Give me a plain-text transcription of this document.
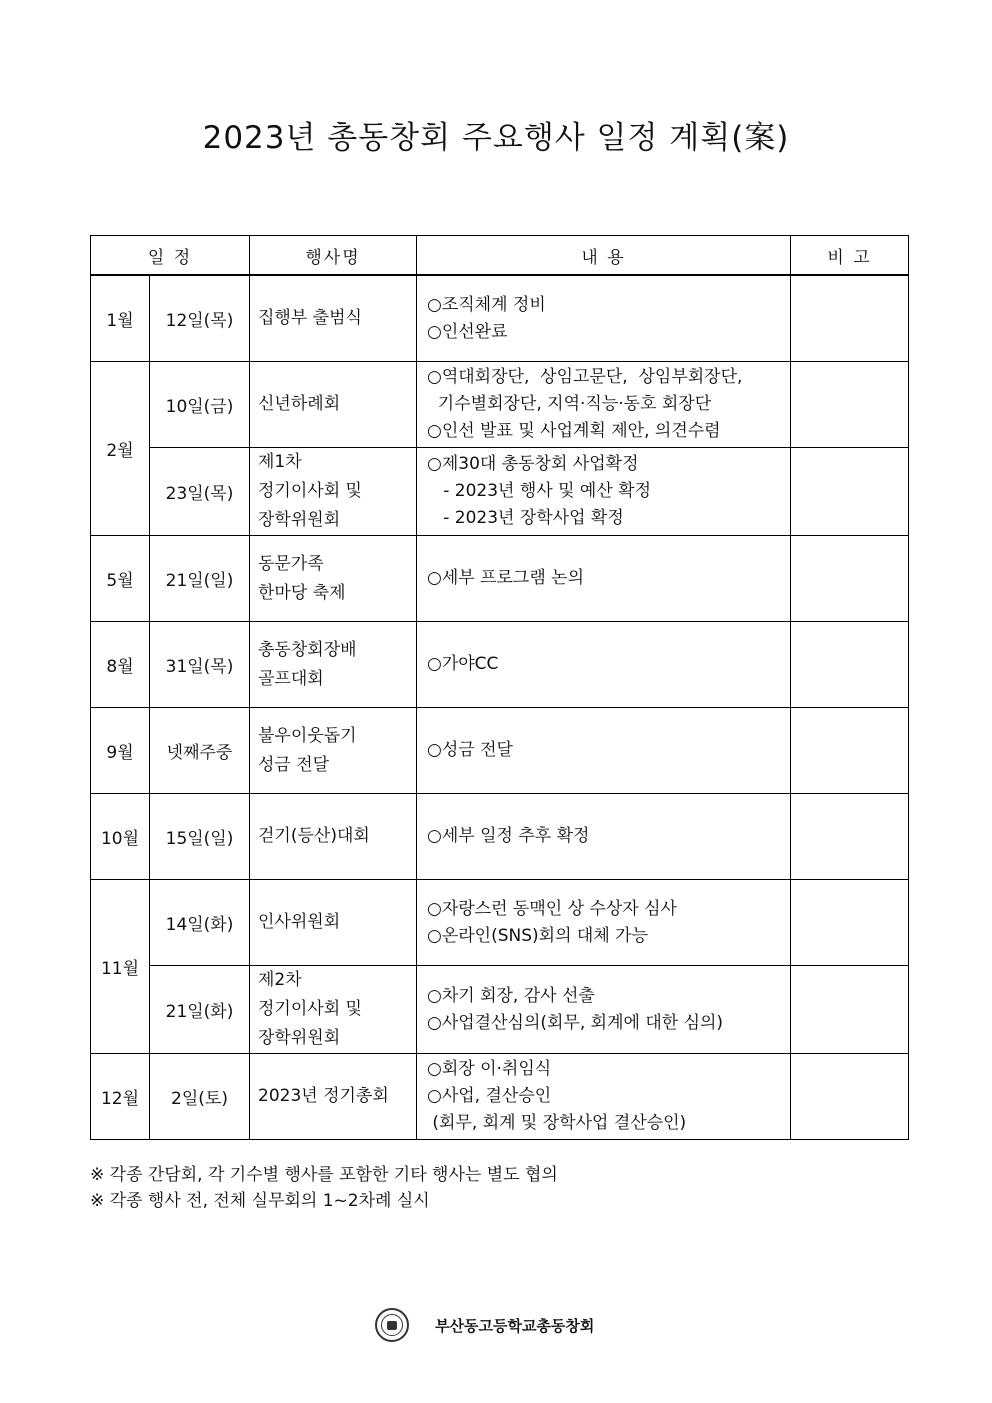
2023년 총동창회 주요행사 일정 계획(案)
일 정		행사명	내 용	비 고
1월	12일(목)	집행부 출범식	○조직체계 정비
○인선완료	

2월	10일(금)	신년하례회	○역대회장단,  상임고문단,  상임부회장단,
기수별회장단, 지역·직능·동호 회장단
○인선 발표 및 사업계획 제안, 의견수렴	

	23일(목)	제1차
정기이사회 및
장학위원회	○제30대 총동창회 사업확정
- 2023년 행사 및 예산 확정
- 2023년 장학사업 확정	

5월	21일(일)	동문가족
한마당 축제	○세부 프로그램 논의	

8월	31일(목)	총동창회장배
골프대회	○가야CC	

9월	넷째주중	불우이웃돕기
성금 전달	○성금 전달	

10월	15일(일)	걷기(등산)대회	○세부 일정 추후 확정	

11월	14일(화)	인사위원회	○자랑스런 동맥인 상 수상자 심사
○온라인(SNS)회의 대체 가능	

	21일(화)	제2차
정기이사회 및
장학위원회	○차기 회장, 감사 선출
○사업결산심의(회무, 회계에 대한 심의)	

12월	2일(토)	2023년 정기총회	○회장 이·취임식
○사업, 결산승인
(회무, 회계 및 장학사업 결산승인)	

※ 각종 간담회, 각 기수별 행사를 포함한 기타 행사는 별도 협의
※ 각종 행사 전, 전체 실무회의 1~2차례 실시
부산동고등학교총동창회
